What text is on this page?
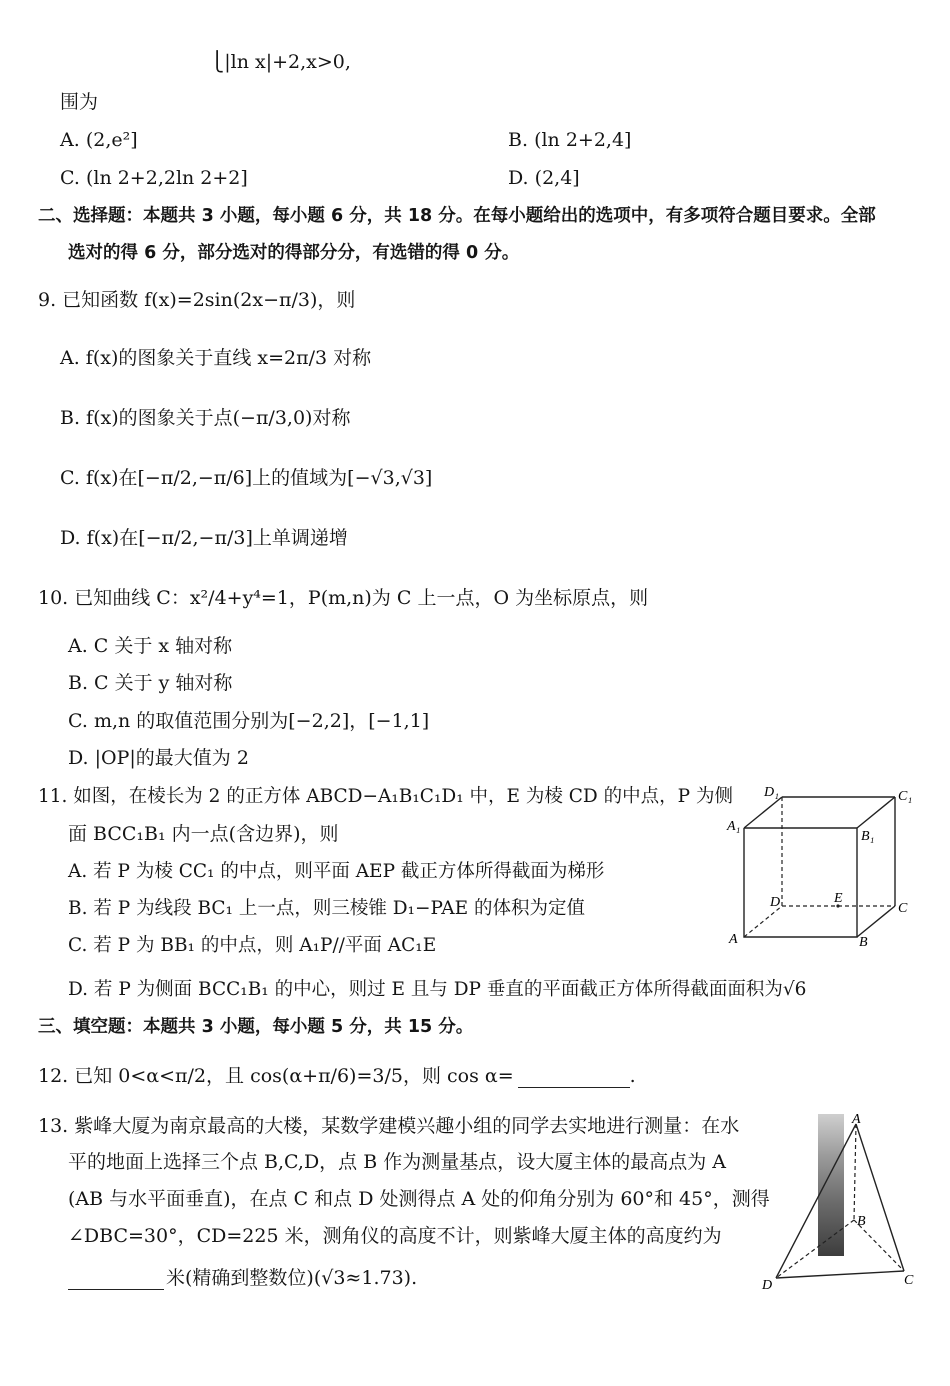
⎩|ln x|+2,x>0,
围为
A. (2,e²]	B. (ln 2+2,4]
C. (ln 2+2,2ln 2+2]	D. (2,4]
二、选择题：本题共 3 小题，每小题 6 分，共 18 分。在每小题给出的选项中，有多项符合题目要求。全部
选对的得 6 分，部分选对的得部分分，有选错的得 0 分。
9. 已知函数 f(x)=2sin(2x−π/3)，则
A. f(x)的图象关于直线 x=2π/3 对称
B. f(x)的图象关于点(−π/3,0)对称
C. f(x)在[−π/2,−π/6]上的值域为[−√3,√3]
D. f(x)在[−π/2,−π/3]上单调递增
10. 已知曲线 C：x²/4+y⁴=1，P(m,n)为 C 上一点，O 为坐标原点，则
A. C 关于 x 轴对称
B. C 关于 y 轴对称
C. m,n 的取值范围分别为[−2,2]，[−1,1]
D. |OP|的最大值为 2
11. 如图，在棱长为 2 的正方体 ABCD−A₁B₁C₁D₁ 中，E 为棱 CD 的中点，P 为侧
面 BCC₁B₁ 内一点(含边界)，则
A. 若 P 为棱 CC₁ 的中点，则平面 AEP 截正方体所得截面为梯形
B. 若 P 为线段 BC₁ 上一点，则三棱锥 D₁−PAE 的体积为定值
C. 若 P 为 BB₁ 的中点，则 A₁P//平面 AC₁E
D. 若 P 为侧面 BCC₁B₁ 的中心，则过 E 且与 DP 垂直的平面截正方体所得截面面积为√6
D₁	C₁
A₁
B₁
D	E
C
A	B
三、填空题：本题共 3 小题，每小题 5 分，共 15 分。
12. 已知 0<α<π/2，且 cos(α+π/6)=3/5，则 cos α=	.
13. 紫峰大厦为南京最高的大楼，某数学建模兴趣小组的同学去实地进行测量：在水
平的地面上选择三个点 B,C,D，点 B 作为测量基点，设大厦主体的最高点为 A
(AB 与水平面垂直)，在点 C 和点 D 处测得点 A 处的仰角分别为 60°和 45°，测得
∠DBC=30°，CD=225 米，测角仪的高度不计，则紫峰大厦主体的高度约为
米(精确到整数位)(√3≈1.73).
A
B
C
D
